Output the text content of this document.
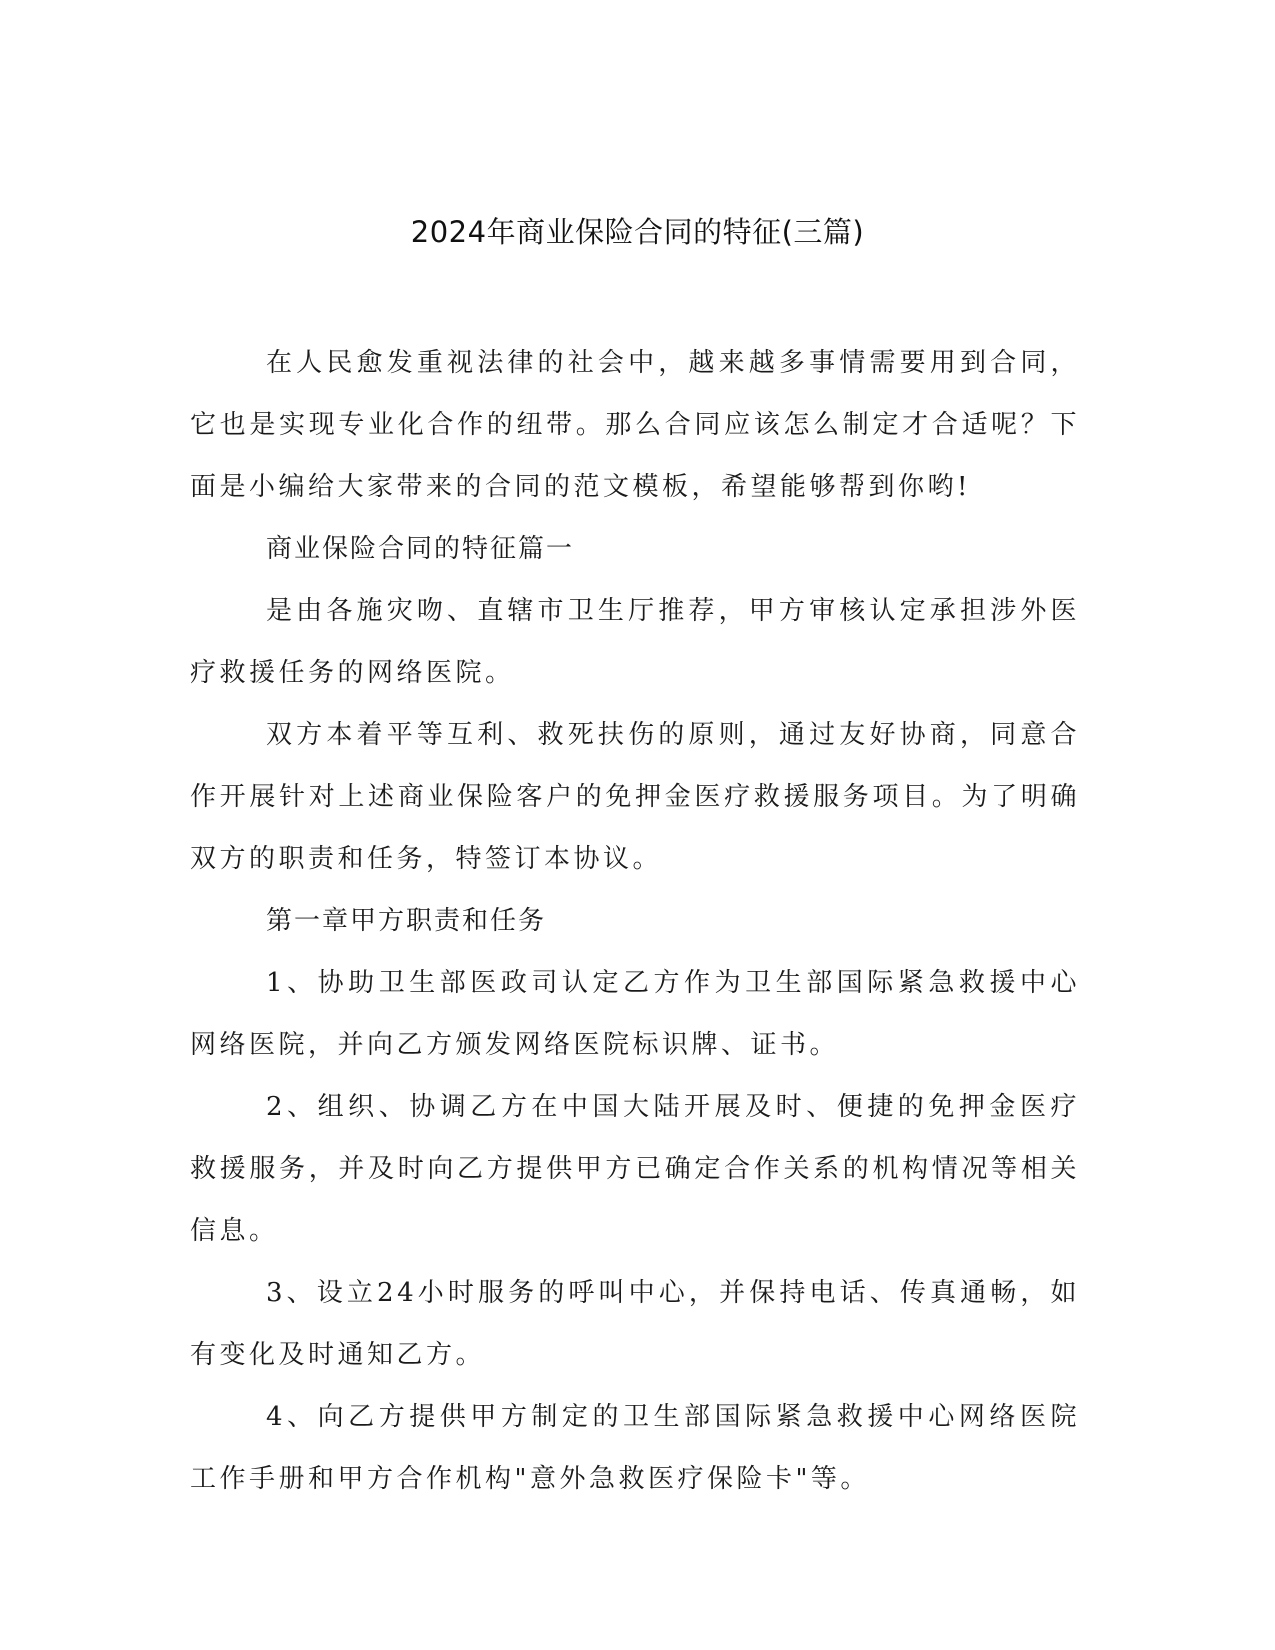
2024年商业保险合同的特征(三篇)

在人民愈发重视法律的社会中，越来越多事情需要用到合同，它也是实现专业化合作的纽带。那么合同应该怎么制定才合适呢？下面是小编给大家带来的合同的范文模板，希望能够帮到你哟!

商业保险合同的特征篇一

是由各施灾吻、直辖市卫生厅推荐，甲方审核认定承担涉外医疗救援任务的网络医院。

双方本着平等互利、救死扶伤的原则，通过友好协商，同意合作开展针对上述商业保险客户的免押金医疗救援服务项目。为了明确双方的职责和任务，特签订本协议。

第一章甲方职责和任务

1、协助卫生部医政司认定乙方作为卫生部国际紧急救援中心网络医院，并向乙方颁发网络医院标识牌、证书。

2、组织、协调乙方在中国大陆开展及时、便捷的免押金医疗救援服务，并及时向乙方提供甲方已确定合作关系的机构情况等相关信息。

3、设立24小时服务的呼叫中心，并保持电话、传真通畅，如有变化及时通知乙方。

4、向乙方提供甲方制定的卫生部国际紧急救援中心网络医院工作手册和甲方合作机构"意外急救医疗保险卡"等。
